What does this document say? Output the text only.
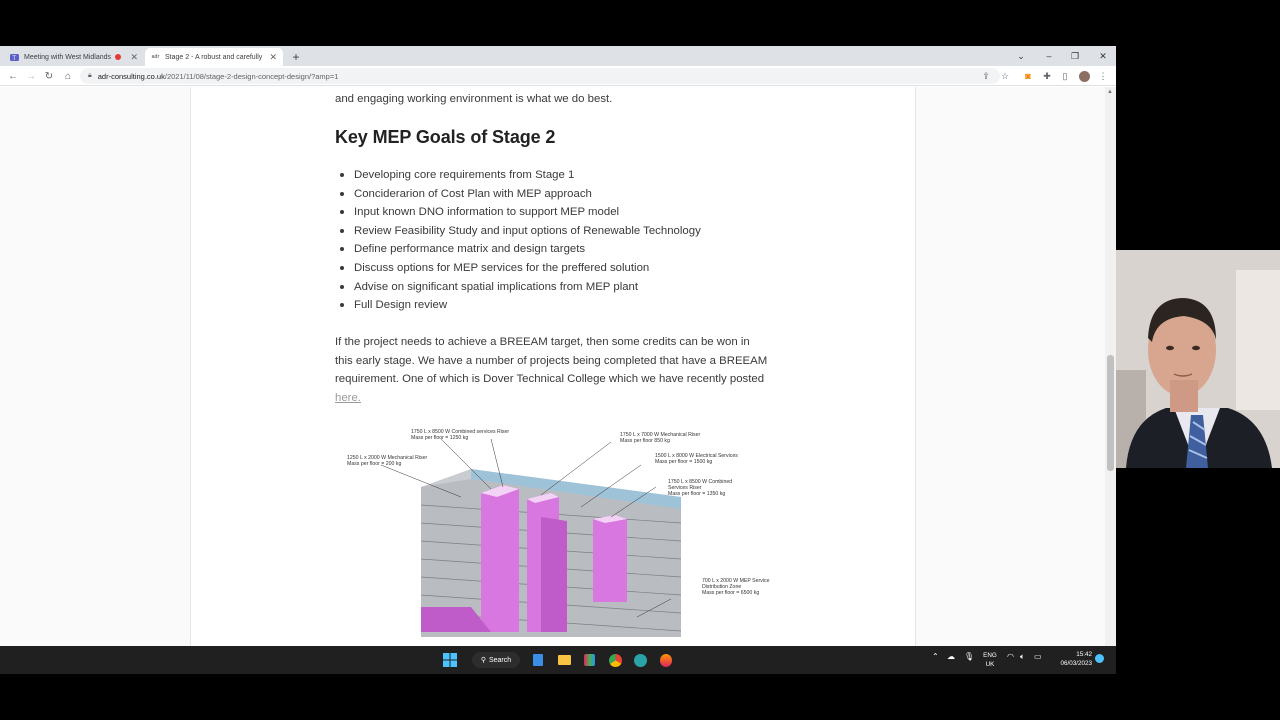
T Meeting with West Midlands	✕	adr Stage 2 - A robust and carefully ✕	+	⌄	–	❐	✕
← → ↻	⌂	🔒︎ adr-consulting.co.uk /2021/11/08/stage-2-design-concept-design/?amp=1	⇪	☆	◙	✚	▯	⋮
and engaging working environment is what we do best.
Key MEP Goals of Stage 2
Developing core requirements from Stage 1
Conciderarion of Cost Plan with MEP approach
Input known DNO information to support MEP model
Review Feasibility Study and input options of Renewable Technology
Define performance matrix and design targets
Discuss options for MEP services for the preffered solution
Advise on significant spatial implications from MEP plant
Full Design review
If the project needs to achieve a BREEAM target, then some credits can be won in this early stage. We have a number of projects being completed that have a BREEAM requirement. One of which is Dover Technical College which we have recently posted here.
1750 L x 8500 W Combined services Riser
Mass per floor = 1250 kg
1250 L x 2000 W Mechanical Riser
Mass per floor = 200 kg
1750 L x 7000 W Mechanical Riser
Mass per floor 850 kg
1500 L x 8000 W Electrical Services
Mass per floor = 1500 kg
1750 L x 8500 W Combined
Services Riser
Mass per floor = 1350 kg
700 L x 2000 W MEP Service
Distribution Zone
Mass per floor = 6500 kg
▲
⚲ Search	⌃ ☁ 🎙︎ ENG
UK
◠ 🔈︎ ▭	15:42
06/03/2023
